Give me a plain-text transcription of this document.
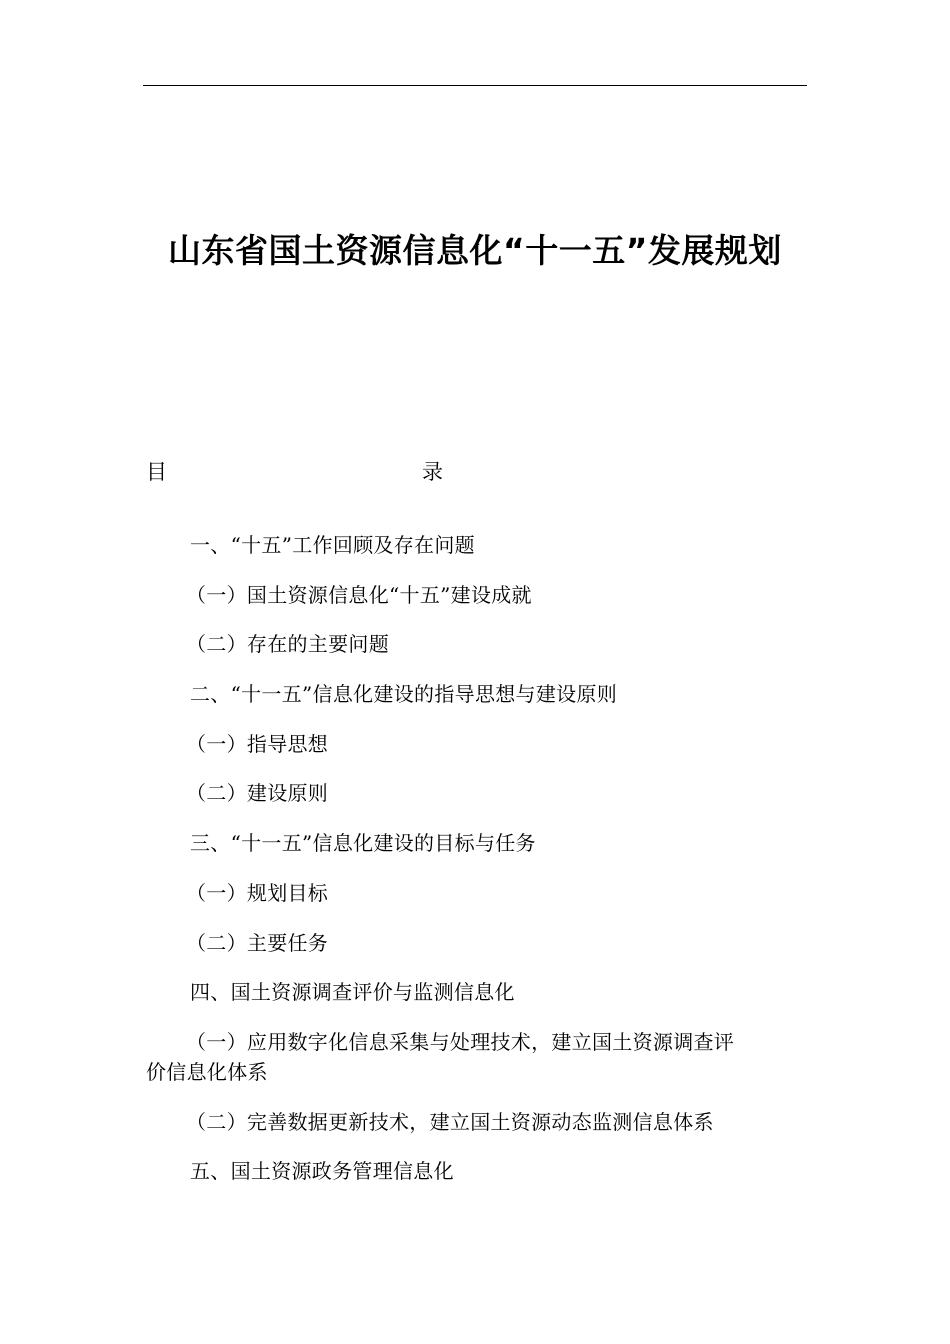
山东省国土资源信息化“十一五”发展规划
目	录
一、“十五”工作回顾及存在问题
（一）国土资源信息化“十五”建设成就
（二）存在的主要问题
二、“十一五”信息化建设的指导思想与建设原则
（一）指导思想
（二）建设原则
三、“十一五”信息化建设的目标与任务
（一）规划目标
（二）主要任务
四、国土资源调查评价与监测信息化
（一）应用数字化信息采集与处理技术，建立国土资源调查评
价信息化体系
（二）完善数据更新技术，建立国土资源动态监测信息体系
五、国土资源政务管理信息化
